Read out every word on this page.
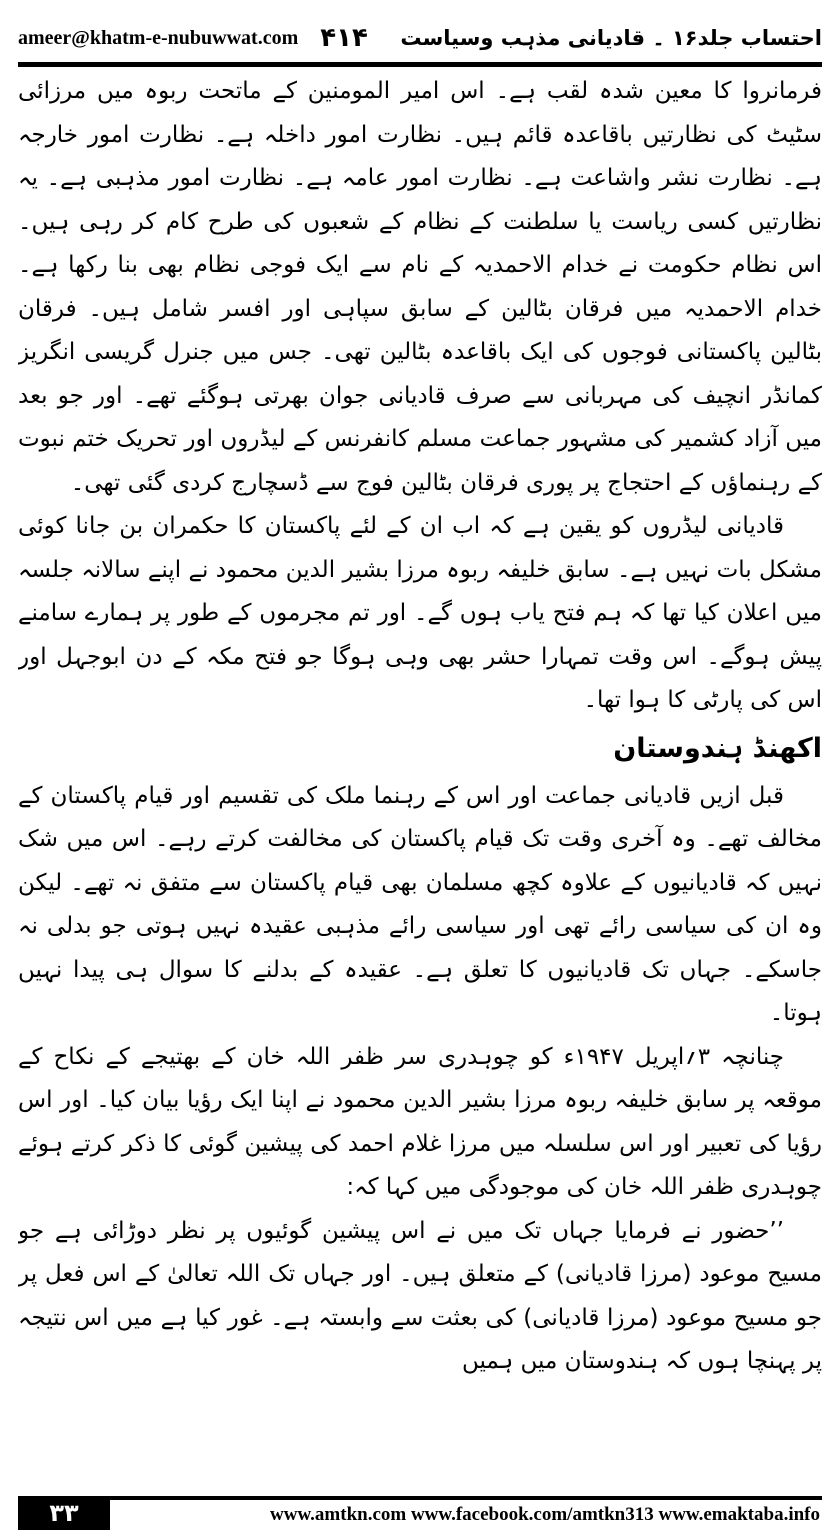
ameer@khatm-e-nubuwwat.com ۴۱۴ احتساب جلد۱۶ ۔ قادیانی مذہب وسیاست

فرمانروا کا معین شدہ لقب ہے۔ اس امیر المومنین کے ماتحت ربوہ میں مرزائی سٹیٹ کی نظارتیں باقاعدہ قائم ہیں۔ نظارت امور داخلہ ہے۔ نظارت امور خارجہ ہے۔ نظارت نشر واشاعت ہے۔ نظارت امور عامہ ہے۔ نظارت امور مذہبی ہے۔ یہ نظارتیں کسی ریاست یا سلطنت کے نظام کے شعبوں کی طرح کام کر رہی ہیں۔ اس نظام حکومت نے خدام الاحمدیہ کے نام سے ایک فوجی نظام بھی بنا رکھا ہے۔ خدام الاحمدیہ میں فرقان بٹالین کے سابق سپاہی اور افسر شامل ہیں۔ فرقان بٹالین پاکستانی فوجوں کی ایک باقاعدہ بٹالین تھی۔ جس میں جنرل گریسی انگریز کمانڈر انچیف کی مہربانی سے صرف قادیانی جوان بھرتی ہوگئے تھے۔ اور جو بعد میں آزاد کشمیر کی مشہور جماعت مسلم کانفرنس کے لیڈروں اور تحریک ختم نبوت کے رہنماؤں کے احتجاج پر پوری فرقان بٹالین فوج سے ڈسچارج کردی گئی تھی۔

قادیانی لیڈروں کو یقین ہے کہ اب ان کے لئے پاکستان کا حکمران بن جانا کوئی مشکل بات نہیں ہے۔ سابق خلیفہ ربوہ مرزا بشیر الدین محمود نے اپنے سالانہ جلسہ میں اعلان کیا تھا کہ ہم فتح یاب ہوں گے۔ اور تم مجرموں کے طور پر ہمارے سامنے پیش ہوگے۔ اس وقت تمہارا حشر بھی وہی ہوگا جو فتح مکہ کے دن ابوجہل اور اس کی پارٹی کا ہوا تھا۔

اکھنڈ ہندوستان

قبل ازیں قادیانی جماعت اور اس کے رہنما ملک کی تقسیم اور قیام پاکستان کے مخالف تھے۔ وہ آخری وقت تک قیام پاکستان کی مخالفت کرتے رہے۔ اس میں شک نہیں کہ قادیانیوں کے علاوہ کچھ مسلمان بھی قیام پاکستان سے متفق نہ تھے۔ لیکن وہ ان کی سیاسی رائے تھی اور سیاسی رائے مذہبی عقیدہ نہیں ہوتی جو بدلی نہ جاسکے۔ جہاں تک قادیانیوں کا تعلق ہے۔ عقیدہ کے بدلنے کا سوال ہی پیدا نہیں ہوتا۔

چنانچہ ۳؍اپریل ۱۹۴۷ء کو چوہدری سر ظفر اللہ خان کے بھتیجے کے نکاح کے موقعہ پر سابق خلیفہ ربوہ مرزا بشیر الدین محمود نے اپنا ایک رؤیا بیان کیا۔ اور اس رؤیا کی تعبیر اور اس سلسلہ میں مرزا غلام احمد کی پیشین گوئی کا ذکر کرتے ہوئے چوہدری ظفر اللہ خان کی موجودگی میں کہا کہ:

’’حضور نے فرمایا جہاں تک میں نے اس پیشین گوئیوں پر نظر دوڑائی ہے جو مسیح موعود (مرزا قادیانی) کے متعلق ہیں۔ اور جہاں تک اللہ تعالیٰ کے اس فعل پر جو مسیح موعود (مرزا قادیانی) کی بعثت سے وابستہ ہے۔ غور کیا ہے میں اس نتیجہ پر پہنچا ہوں کہ ہندوستان میں ہمیں

۳۳	www.amtkn.com www.facebook.com/amtkn313 www.emaktaba.info
